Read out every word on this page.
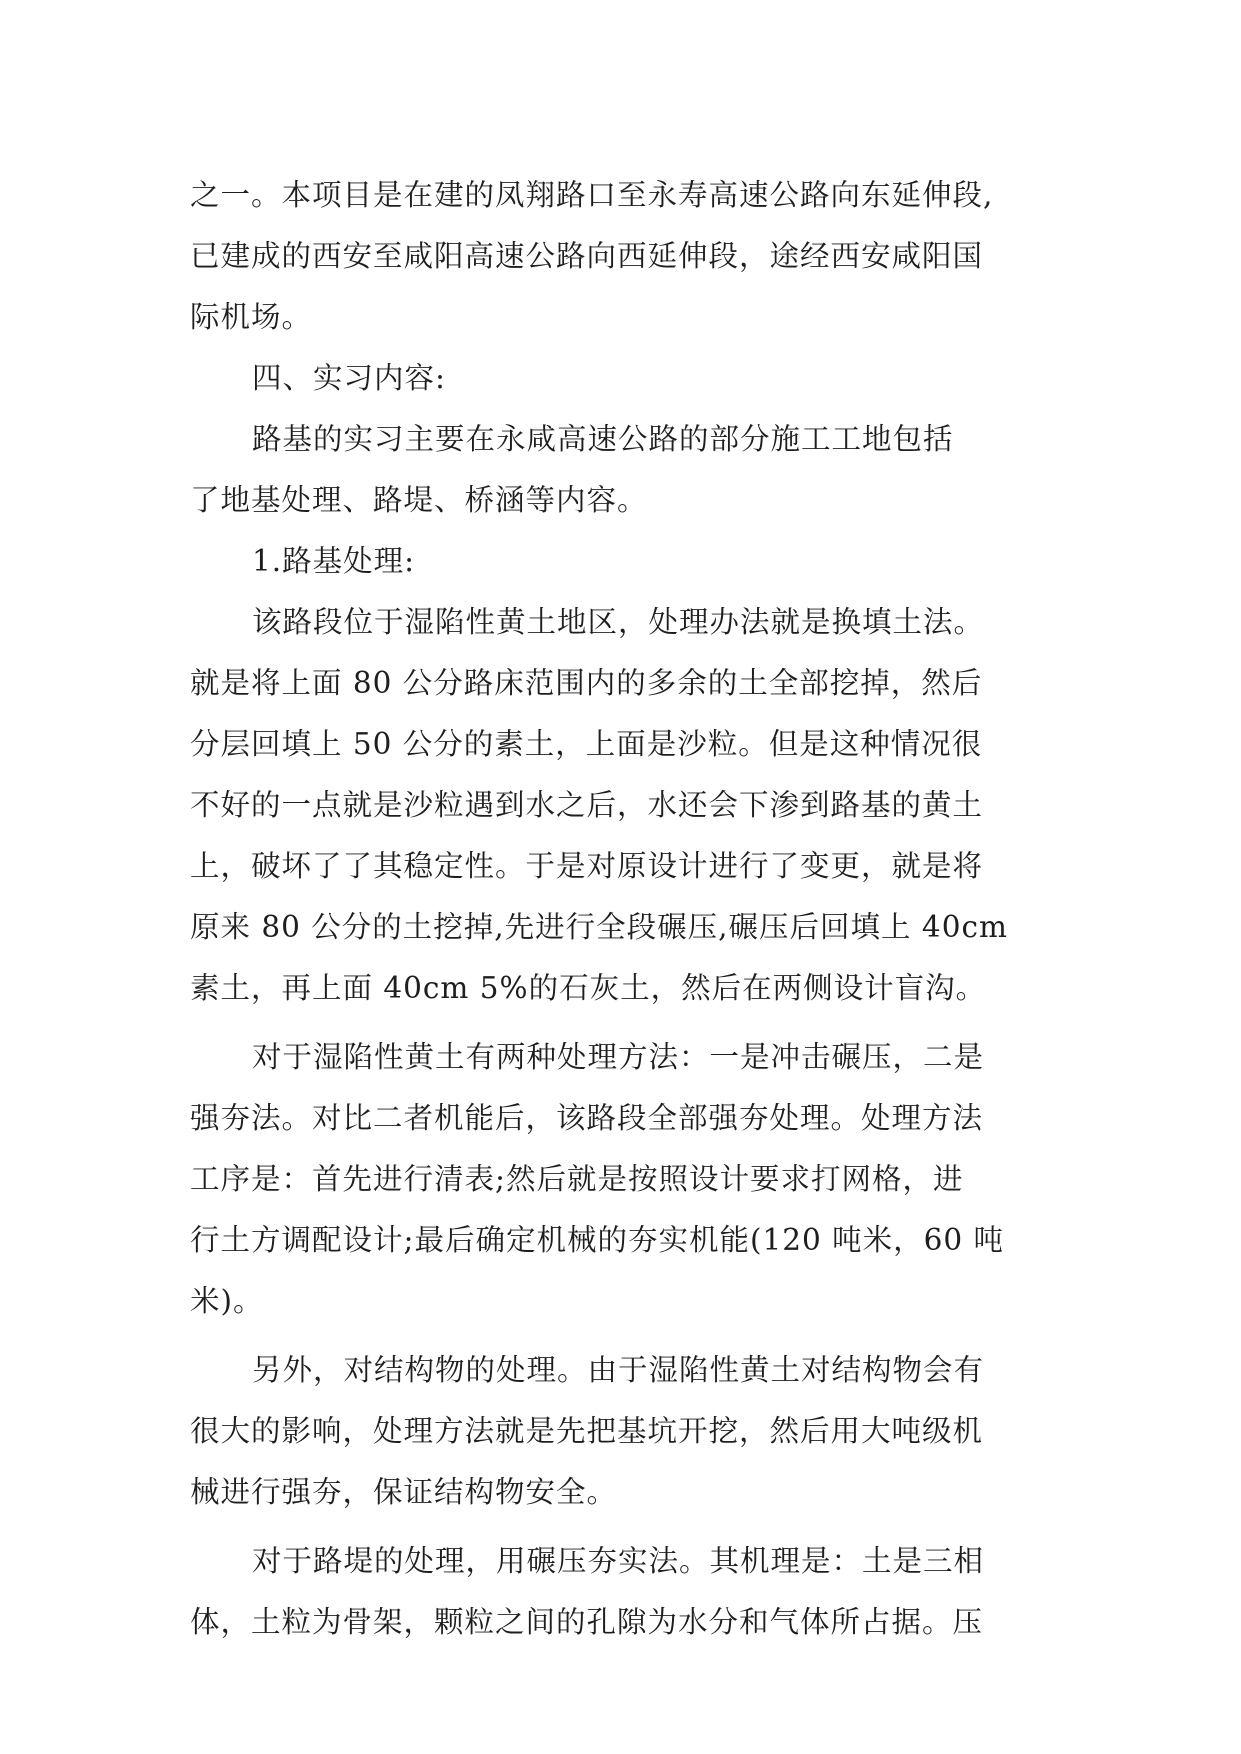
之一。本项目是在建的凤翔路口至永寿高速公路向东延伸段,
已建成的西安至咸阳高速公路向西延伸段，途经西安咸阳国
际机场。
四、实习内容:
路基的实习主要在永咸高速公路的部分施工工地包括
了地基处理、路堤、桥涵等内容。
1.路基处理:
该路段位于湿陷性黄土地区，处理办法就是换填土法。
就是将上面 80 公分路床范围内的多余的土全部挖掉，然后
分层回填上 50 公分的素土，上面是沙粒。但是这种情况很
不好的一点就是沙粒遇到水之后，水还会下渗到路基的黄土
上，破坏了了其稳定性。于是对原设计进行了变更，就是将
原来 80 公分的土挖掉,先进行全段碾压,碾压后回填上 40cm
素土，再上面 40cm 5%的石灰土，然后在两侧设计盲沟。
对于湿陷性黄土有两种处理方法：一是冲击碾压，二是
强夯法。对比二者机能后，该路段全部强夯处理。处理方法
工序是：首先进行清表;然后就是按照设计要求打网格，进
行土方调配设计;最后确定机械的夯实机能(120 吨米，60 吨
米)。
另外，对结构物的处理。由于湿陷性黄土对结构物会有
很大的影响，处理方法就是先把基坑开挖，然后用大吨级机
械进行强夯，保证结构物安全。
对于路堤的处理，用碾压夯实法。其机理是：土是三相
体，土粒为骨架，颗粒之间的孔隙为水分和气体所占据。压
